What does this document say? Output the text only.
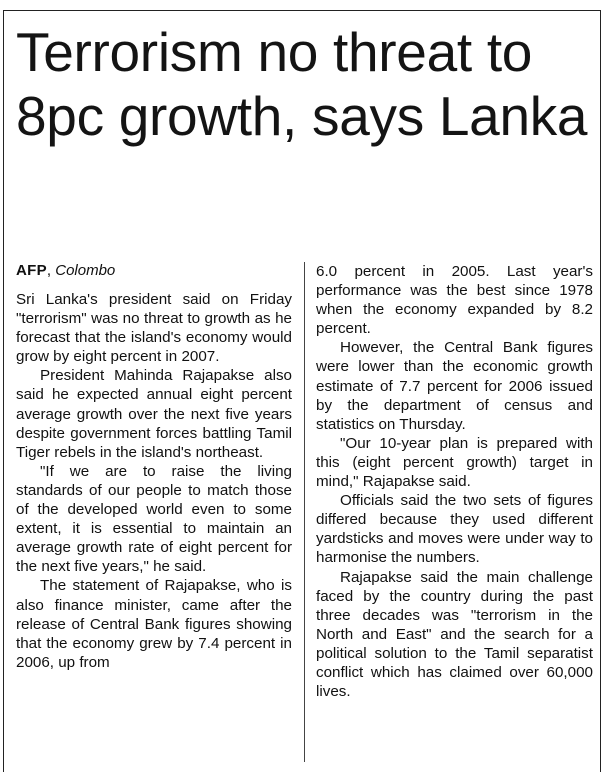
Terrorism no threat to 8pc growth, says Lanka
AFP, Colombo

Sri Lanka's president said on Friday "terrorism" was no threat to growth as he forecast that the island's economy would grow by eight percent in 2007.

President Mahinda Rajapakse also said he expected annual eight percent average growth over the next five years despite government forces battling Tamil Tiger rebels in the island's northeast.

"If we are to raise the living standards of our people to match those of the developed world even to some extent, it is essential to maintain an average growth rate of eight percent for the next five years," he said.

The statement of Rajapakse, who is also finance minister, came after the release of Central Bank figures showing that the economy grew by 7.4 percent in 2006, up from

6.0 percent in 2005. Last year's performance was the best since 1978 when the economy expanded by 8.2 percent.

However, the Central Bank figures were lower than the economic growth estimate of 7.7 percent for 2006 issued by the department of census and statistics on Thursday.

"Our 10-year plan is prepared with this (eight percent growth) target in mind," Rajapakse said.

Officials said the two sets of figures differed because they used different yardsticks and moves were under way to harmonise the numbers.

Rajapakse said the main challenge faced by the country during the past three decades was "terrorism in the North and East" and the search for a political solution to the Tamil separatist conflict which has claimed over 60,000 lives.
